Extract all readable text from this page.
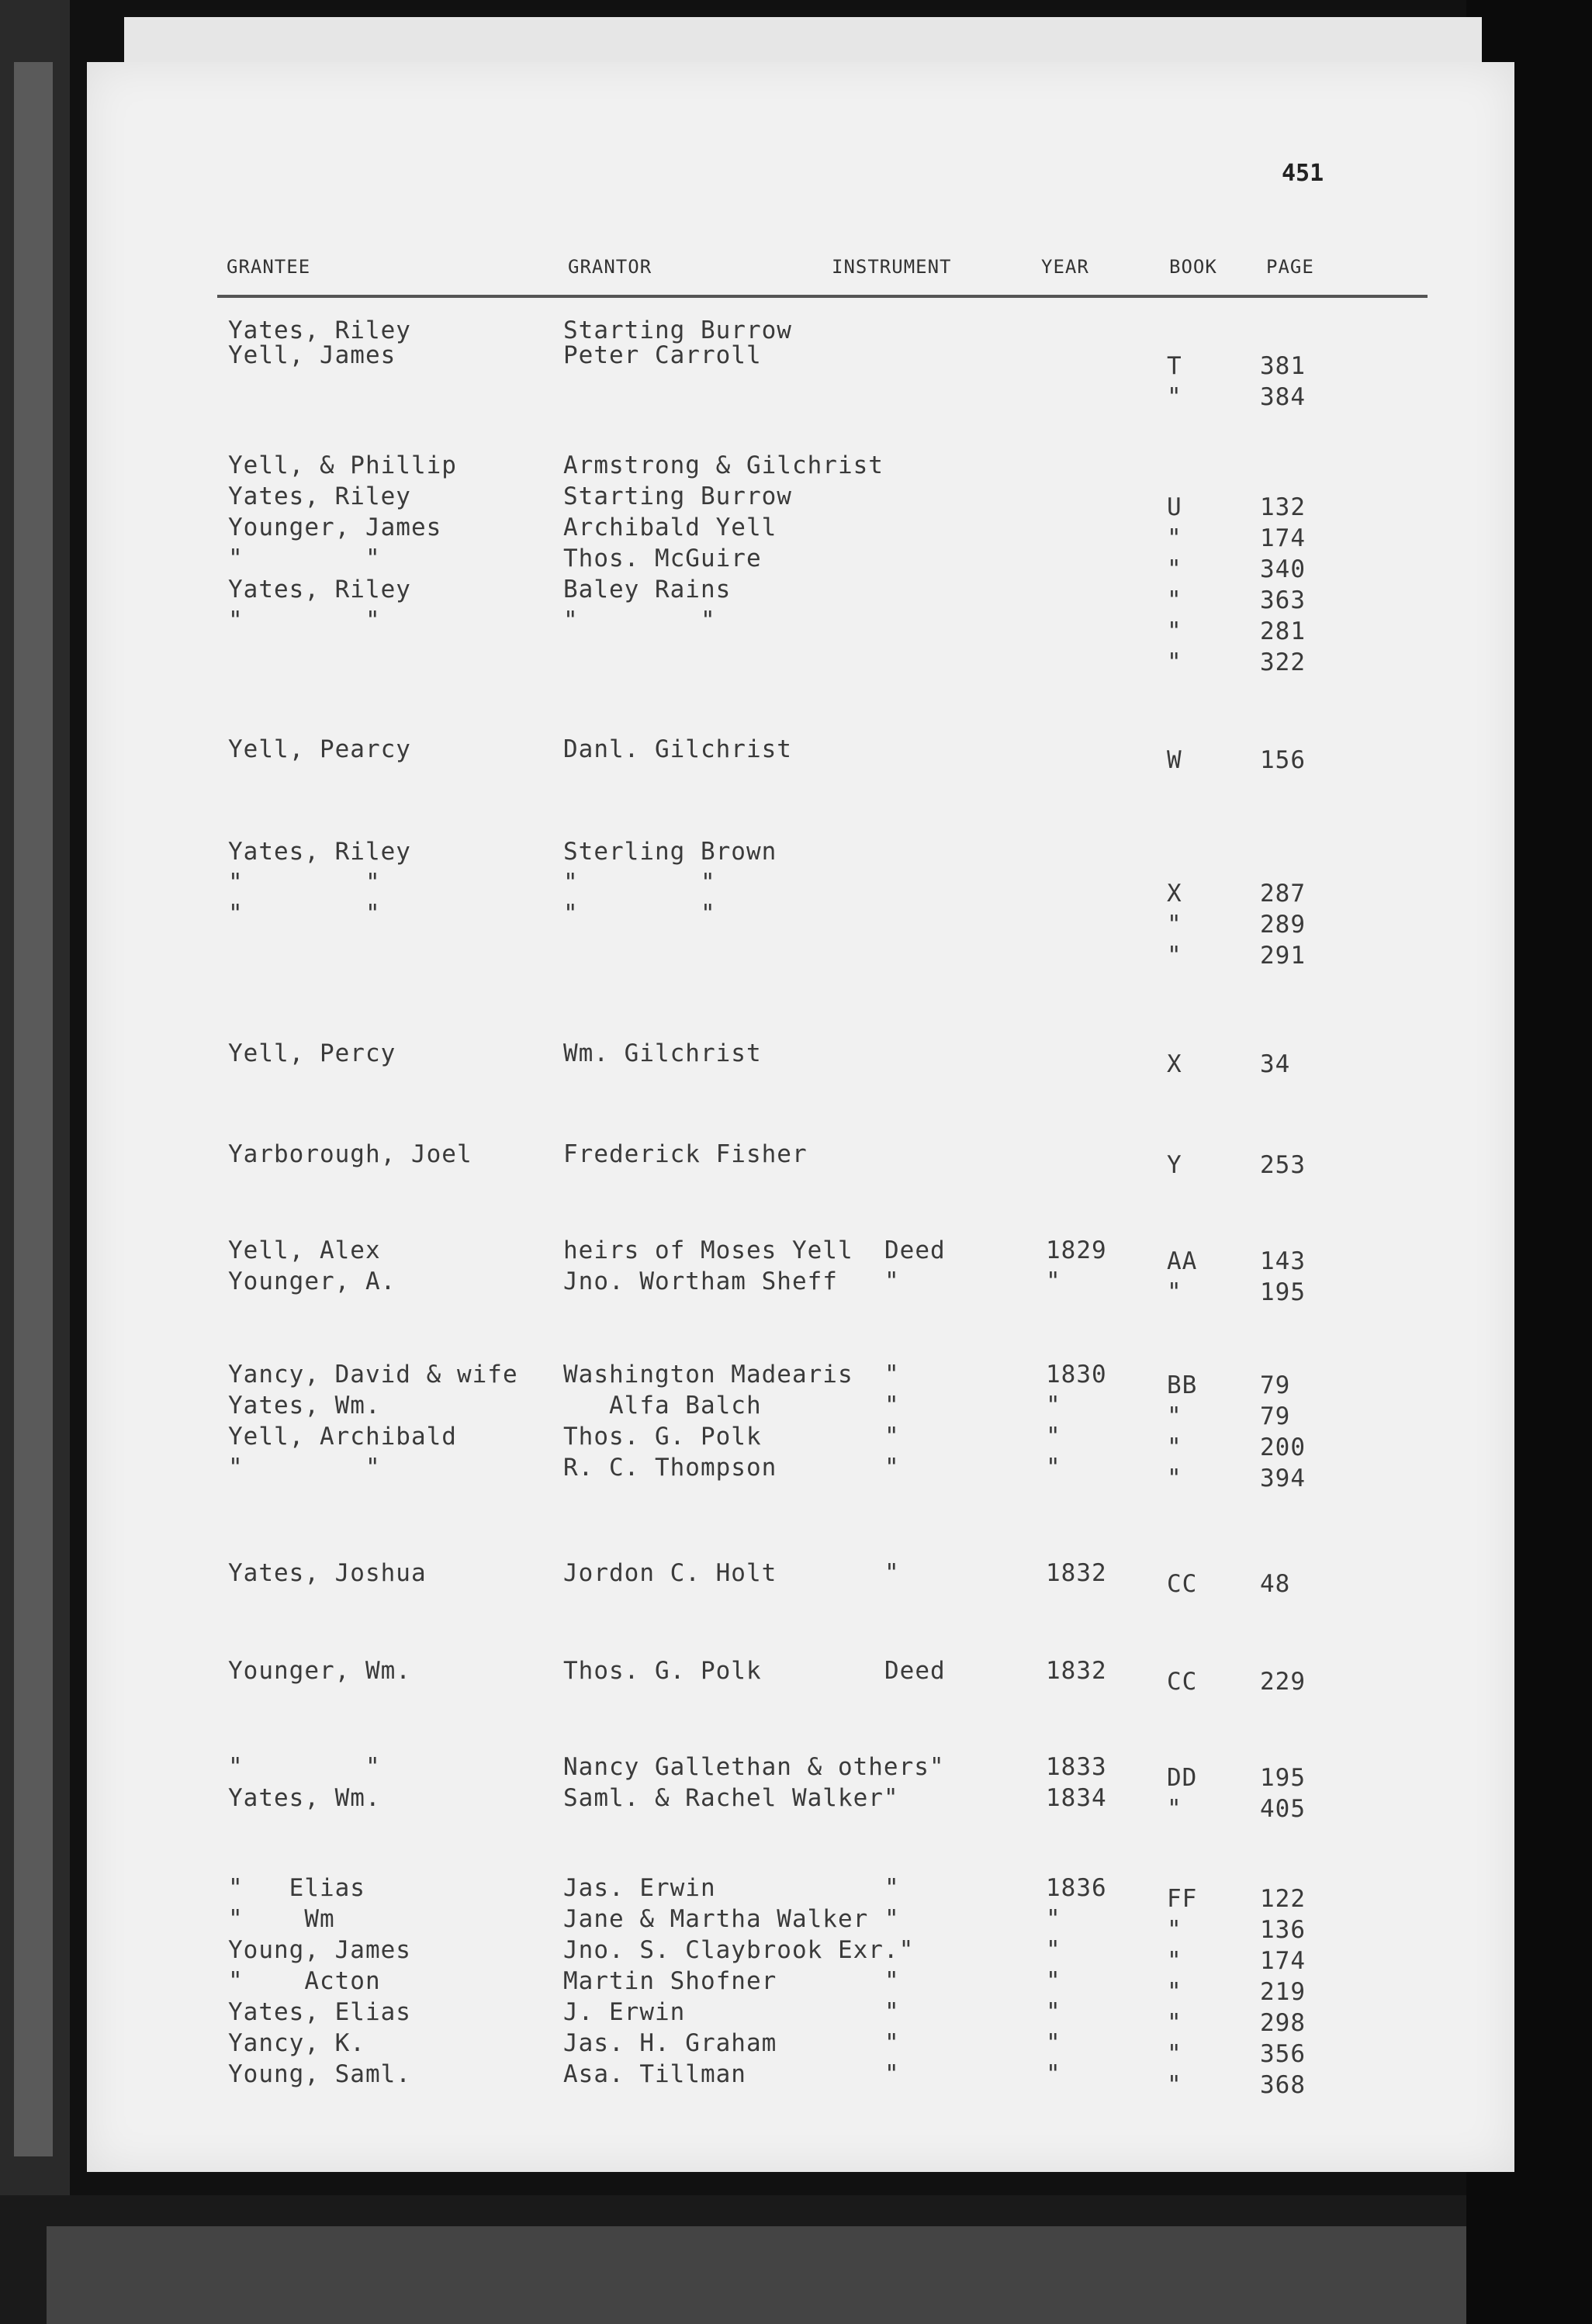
451
GRANTEE	GRANTOR	INSTRUMENT	YEAR	BOOK	PAGE
Yates, Riley	Starting Burrow
Yell, James	Peter Carroll	T	381
"	384
Yell, & Phillip	Armstrong & Gilchrist
Yates, Riley	Starting Burrow	U	132
Younger, James	Archibald Yell	"	174
"        "	Thos. McGuire	"	340
Yates, Riley	Baley Rains	"	363
"        "	"        "	"	281
"	322
Yell, Pearcy	Danl. Gilchrist	W	156
Yates, Riley	Sterling Brown
"        "	"        "	X	287
"        "	"        "	"	289
"	291
Yell, Percy	Wm. Gilchrist	X	34
Yarborough, Joel	Frederick Fisher	Y	253
Yell, Alex	heirs of Moses Yell Deed	1829 AA	143
Younger, A.	Jno. Wortham Sheff "	"	"	195
Yancy, David & wife Washington Madearis "	1830 BB	79
Yates, Wm.	Alfa Balch	"	"	"	79
Yell, Archibald	Thos. G. Polk	"	"	"	200
"        "	R. C. Thompson	"	"	"	394
Yates, Joshua	Jordon C. Holt	"	1832 CC	48
Younger, Wm.	Thos. G. Polk	Deed	1832 CC	229
"        "	Nancy Gallethan & others"	1833 DD	195
Yates, Wm.	Saml. & Rachel Walker"	1834 "	405
"   Elias	Jas. Erwin	"	1836 FF	122
"    Wm	Jane & Martha Walker "	"	"	136
Young, James	Jno. S. Claybrook Exr."	"	"	174
"    Acton	Martin Shofner	"	"	"	219
Yates, Elias	J. Erwin	"	"	"	298
Yancy, K.	Jas. H. Graham	"	"	"	356
Young, Saml.	Asa. Tillman	"	"	"	368
